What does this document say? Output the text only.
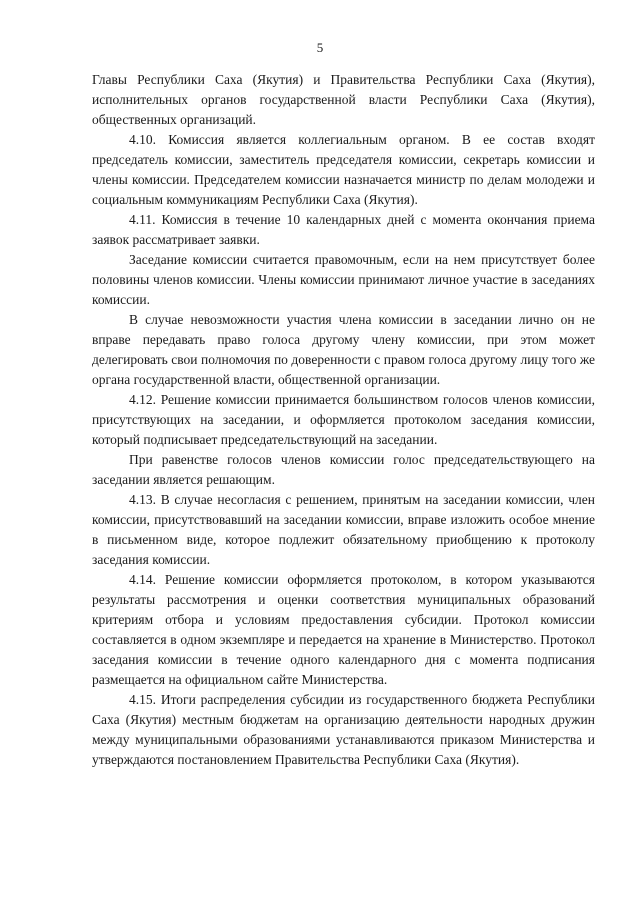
5

Главы Республики Саха (Якутия) и Правительства Республики Саха (Якутия), исполнительных органов государственной власти Республики Саха (Якутия), общественных организаций.

4.10. Комиссия является коллегиальным органом. В ее состав входят председатель комиссии, заместитель председателя комиссии, секретарь комиссии и члены комиссии. Председателем комиссии назначается министр по делам молодежи и социальным коммуникациям Республики Саха (Якутия).

4.11. Комиссия в течение 10 календарных дней с момента окончания приема заявок рассматривает заявки.

Заседание комиссии считается правомочным, если на нем присутствует более половины членов комиссии. Члены комиссии принимают личное участие в заседаниях комиссии.

В случае невозможности участия члена комиссии в заседании лично он не вправе передавать право голоса другому члену комиссии, при этом может делегировать свои полномочия по доверенности с правом голоса другому лицу того же органа государственной власти, общественной организации.

4.12. Решение комиссии принимается большинством голосов членов комиссии, присутствующих на заседании, и оформляется протоколом заседания комиссии, который подписывает председательствующий на заседании.

При равенстве голосов членов комиссии голос председательствующего на заседании является решающим.

4.13. В случае несогласия с решением, принятым на заседании комиссии, член комиссии, присутствовавший на заседании комиссии, вправе изложить особое мнение в письменном виде, которое подлежит обязательному приобщению к протоколу заседания комиссии.

4.14. Решение комиссии оформляется протоколом, в котором указываются результаты рассмотрения и оценки соответствия муниципальных образований критериям отбора и условиям предоставления субсидии. Протокол комиссии составляется в одном экземпляре и передается на хранение в Министерство. Протокол заседания комиссии в течение одного календарного дня с момента подписания размещается на официальном сайте Министерства.

4.15. Итоги распределения субсидии из государственного бюджета Республики Саха (Якутия) местным бюджетам на организацию деятельности народных дружин между муниципальными образованиями устанавливаются приказом Министерства и утверждаются постановлением Правительства Республики Саха (Якутия).
